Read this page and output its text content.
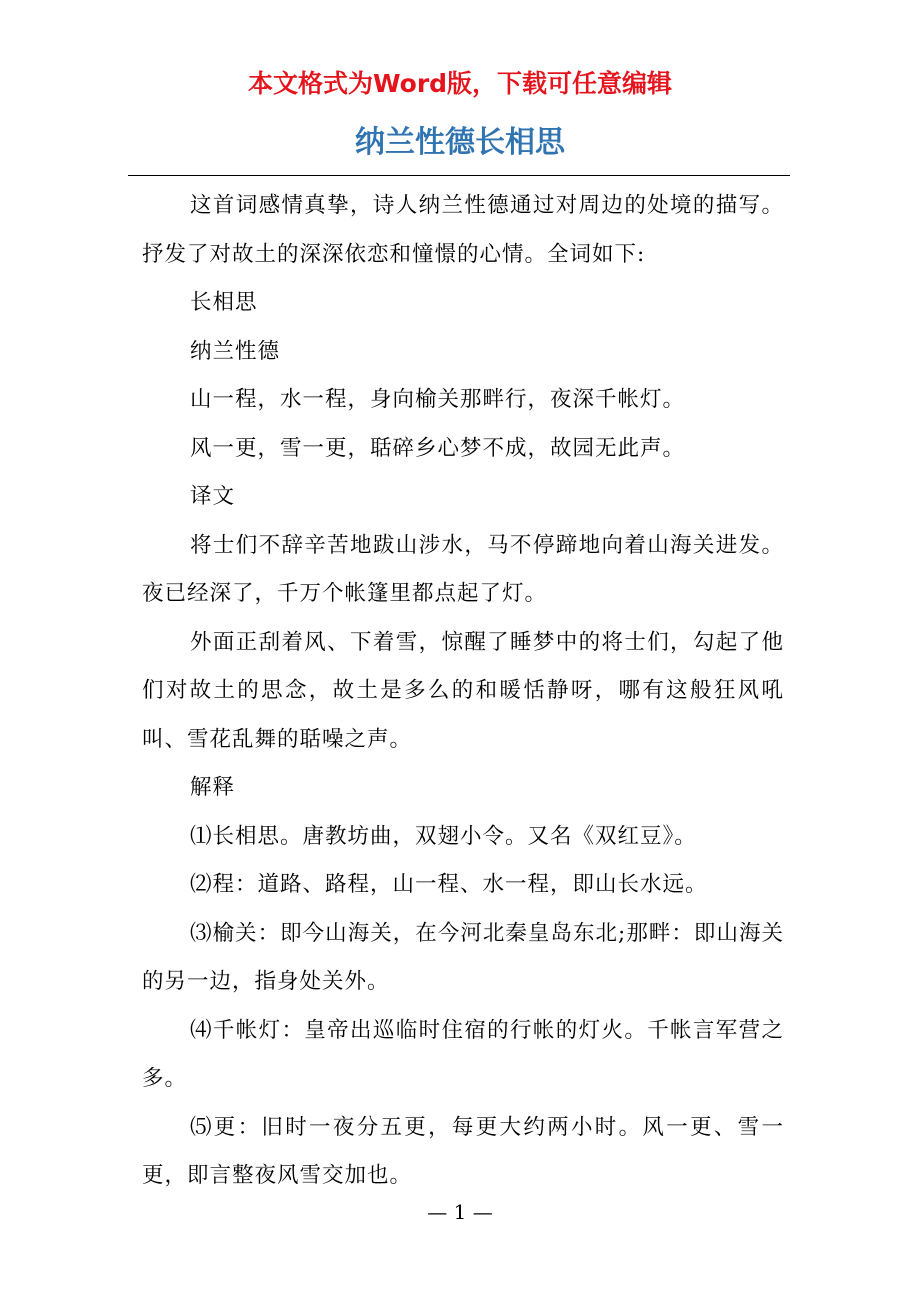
本文格式为Word版，下载可任意编辑
纳兰性德长相思

这首词感情真挚，诗人纳兰性德通过对周边的处境的描写。抒发了对故土的深深依恋和憧憬的心情。全词如下:

长相思

纳兰性德

山一程，水一程，身向榆关那畔行，夜深千帐灯。

风一更，雪一更，聒碎乡心梦不成，故园无此声。

译文

将士们不辞辛苦地跋山涉水，马不停蹄地向着山海关进发。夜已经深了，千万个帐篷里都点起了灯。

外面正刮着风、下着雪，惊醒了睡梦中的将士们，勾起了他们对故土的思念，故土是多么的和暖恬静呀，哪有这般狂风吼叫、雪花乱舞的聒噪之声。

解释

⑴长相思。唐教坊曲，双翅小令。又名《双红豆》。

⑵程：道路、路程，山一程、水一程，即山长水远。

⑶榆关：即今山海关，在今河北秦皇岛东北;那畔：即山海关的另一边，指身处关外。

⑷千帐灯：皇帝出巡临时住宿的行帐的灯火。千帐言军营之多。

⑸更：旧时一夜分五更，每更大约两小时。风一更、雪一更，即言整夜风雪交加也。

— 1 —
